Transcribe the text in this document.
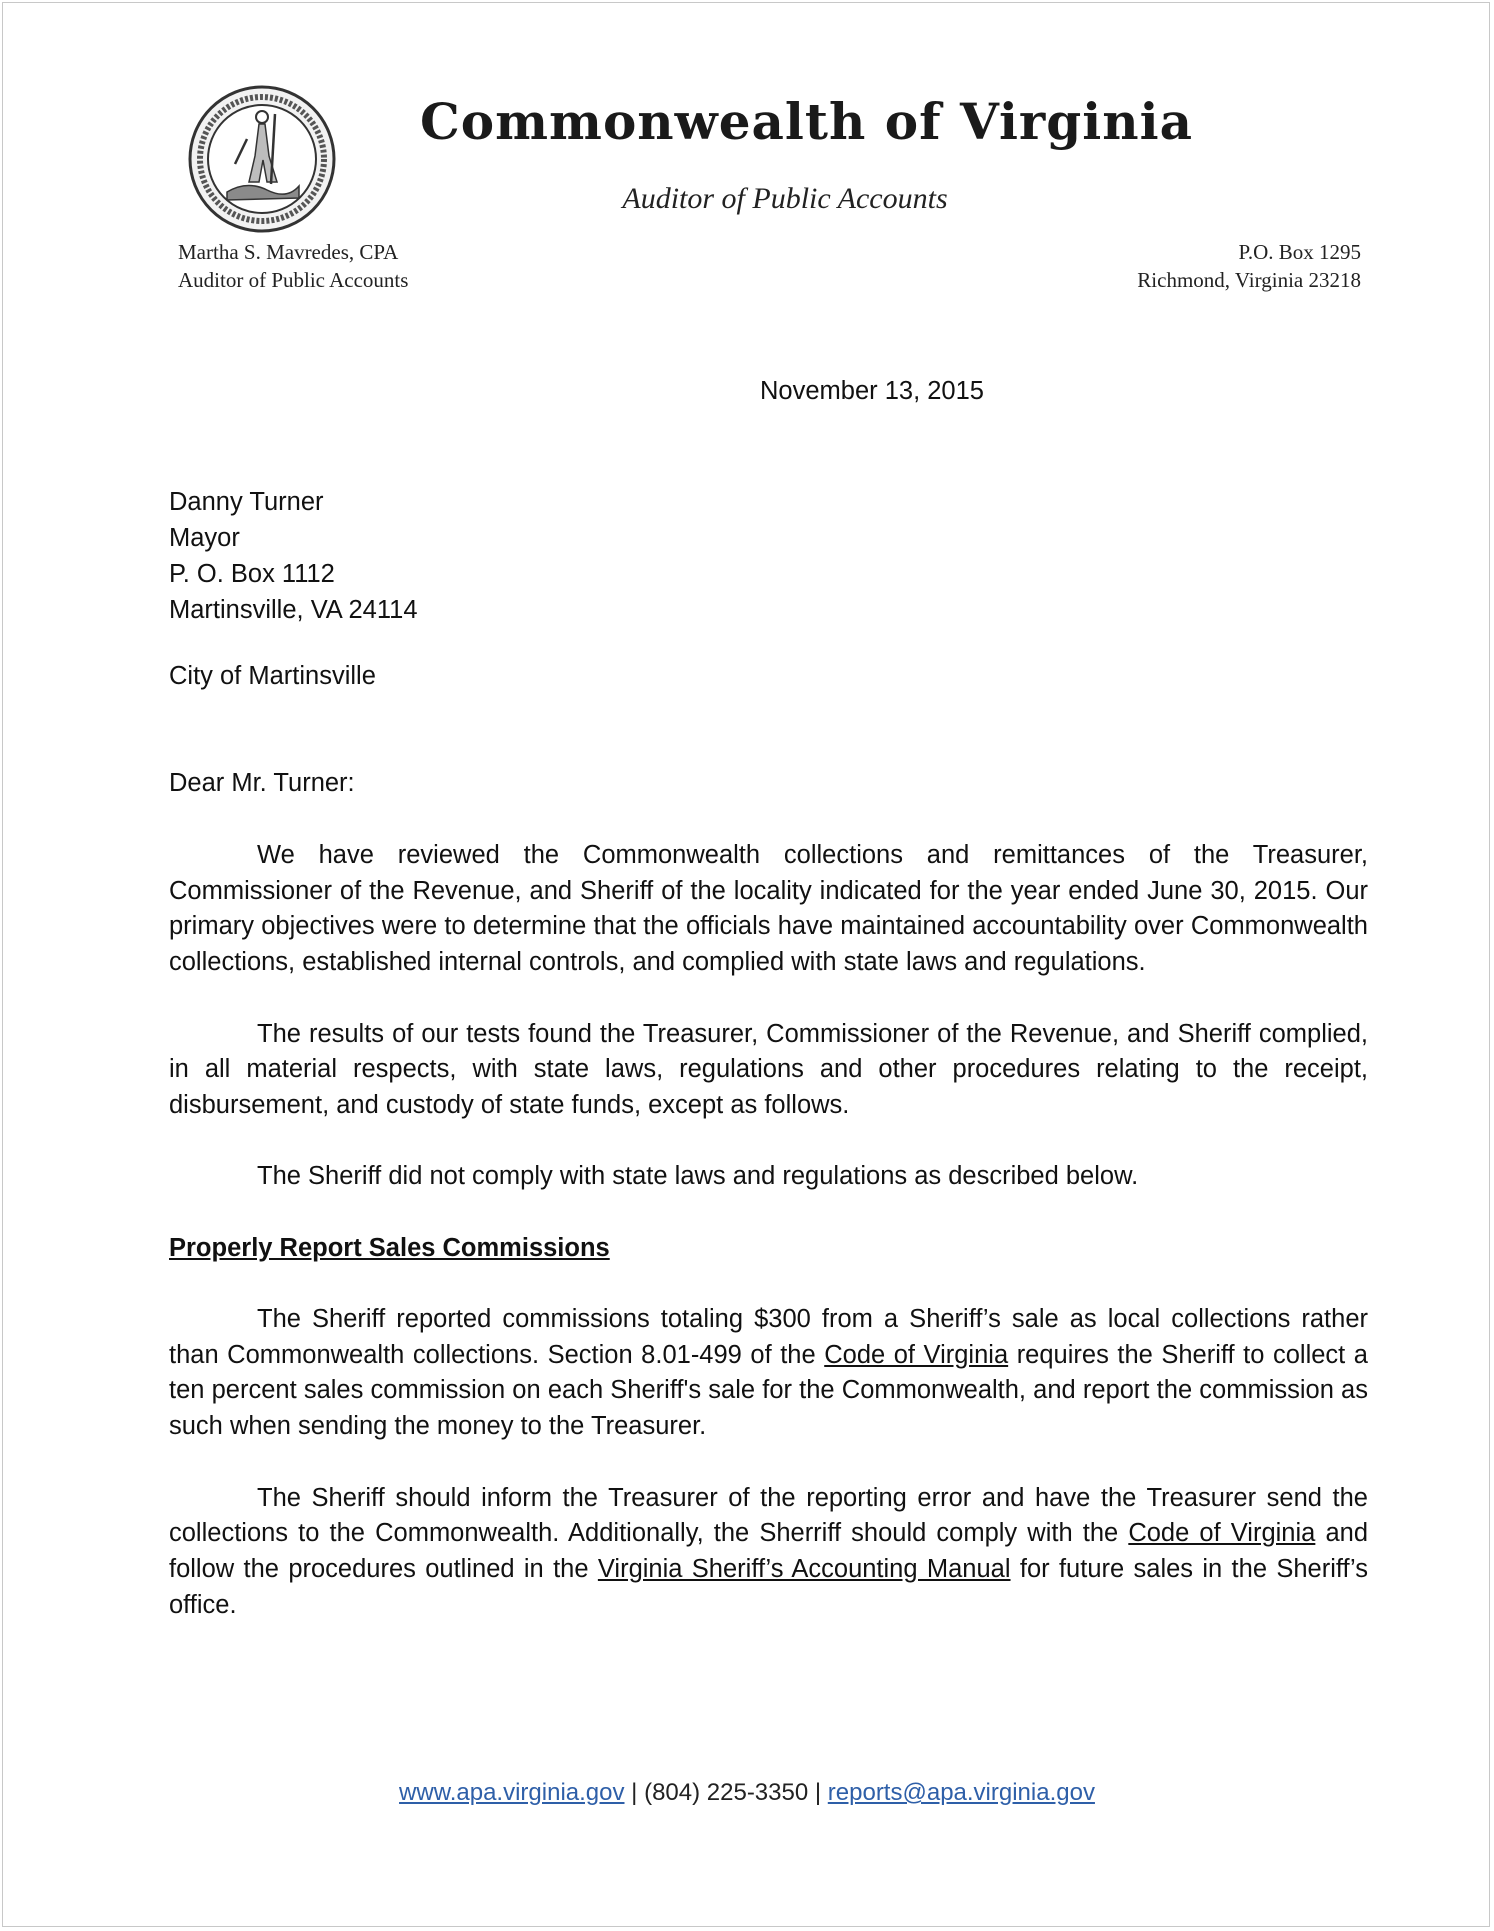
Commonwealth of Virginia
Auditor of Public Accounts
Martha S. Mavredes, CPA
Auditor of Public Accounts
P.O. Box 1295
Richmond, Virginia 23218
November 13, 2015
Danny Turner
Mayor
P. O. Box 1112
Martinsville, VA 24114
City of Martinsville
Dear Mr. Turner:

We have reviewed the Commonwealth collections and remittances of the Treasurer, Commissioner of the Revenue, and Sheriff of the locality indicated for the year ended June 30, 2015. Our primary objectives were to determine that the officials have maintained accountability over Commonwealth collections, established internal controls, and complied with state laws and regulations.

The results of our tests found the Treasurer, Commissioner of the Revenue, and Sheriff complied, in all material respects, with state laws, regulations and other procedures relating to the receipt, disbursement, and custody of state funds, except as follows.

The Sheriff did not comply with state laws and regulations as described below.

Properly Report Sales Commissions

The Sheriff reported commissions totaling $300 from a Sheriff’s sale as local collections rather than Commonwealth collections. Section 8.01-499 of the Code of Virginia requires the Sheriff to collect a ten percent sales commission on each Sheriff's sale for the Commonwealth, and report the commission as such when sending the money to the Treasurer.

The Sheriff should inform the Treasurer of the reporting error and have the Treasurer send the collections to the Commonwealth. Additionally, the Sherriff should comply with the Code of Virginia and follow the procedures outlined in the Virginia Sheriff’s Accounting Manual for future sales in the Sheriff’s office.

www.apa.virginia.gov | (804) 225-3350 | reports@apa.virginia.gov
